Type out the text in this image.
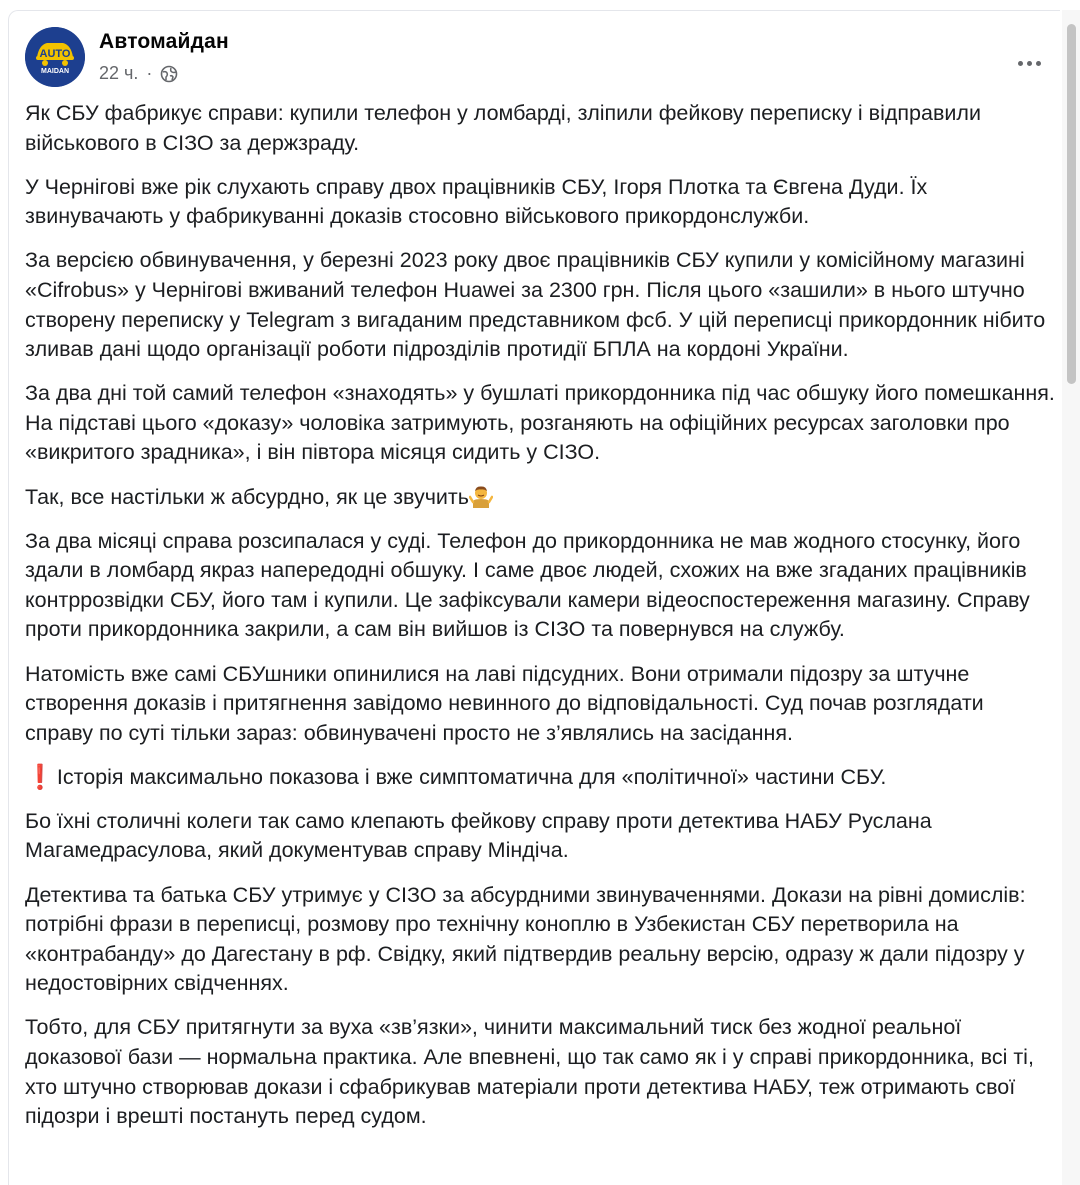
AUTO
MAIDAN
Автомайдан
22 ч. ·

Як СБУ фабрикує справи: купили телефон у ломбарді, зліпили фейкову переписку і відправили військового в СІЗО за держзраду.

У Чернігові вже рік слухають справу двох працівників СБУ, Ігоря Плотка та Євгена Дуди. Їх звинувачають у фабрикуванні доказів стосовно військового прикордонслужби.

За версією обвинувачення, у березні 2023 року двоє працівників СБУ купили у комісійному магазині «Cifrobus» у Чернігові вживаний телефон Huawei за 2300 грн. Після цього «зашили» в нього штучно створену переписку у Telegram з вигаданим представником фсб. У цій переписці прикордонник нібито зливав дані щодо організації роботи підрозділів протидії БПЛА на кордоні України.

За два дні той самий телефон «знаходять» у бушлаті прикордонника під час обшуку його помешкання. На підставі цього «доказу» чоловіка затримують, розганяють на офіційних ресурсах заголовки про «викритого зрадника», і він півтора місяця сидить у СІЗО.

Так, все настільки ж абсурдно, як це звучить

За два місяці справа розсипалася у суді. Телефон до прикордонника не мав жодного стосунку, його здали в ломбард якраз напередодні обшуку. І саме двоє людей, схожих на вже згаданих працівників контррозвідки СБУ, його там і купили. Це зафіксували камери відеоспостереження магазину. Справу проти прикордонника закрили, а сам він вийшов із СІЗО та повернувся на службу.

Натомість вже самі СБУшники опинилися на лаві підсудних. Вони отримали підозру за штучне створення доказів і притягнення завідомо невинного до відповідальності. Суд почав розглядати справу по суті тільки зараз: обвинувачені просто не з’являлись на засідання.

❗Історія максимально показова і вже симптоматична для «політичної» частини СБУ.

Бо їхні столичні колеги так само клепають фейкову справу проти детектива НАБУ Руслана Магамедрасулова, який документував справу Міндіча.

Детектива та батька СБУ утримує у СІЗО за абсурдними звинуваченнями. Докази на рівні домислів: потрібні фрази в переписці, розмову про технічну коноплю в Узбекистан СБУ перетворила на «контрабанду» до Дагестану в рф. Свідку, який підтвердив реальну версію, одразу ж дали підозру у недостовірних свідченнях.

Тобто, для СБУ притягнути за вуха «зв’язки», чинити максимальний тиск без жодної реальної доказової бази — нормальна практика. Але впевнені, що так само як і у справі прикордонника, всі ті, хто штучно створював докази і сфабрикував матеріали проти детектива НАБУ, теж отримають свої підозри і врешті постануть перед судом.
